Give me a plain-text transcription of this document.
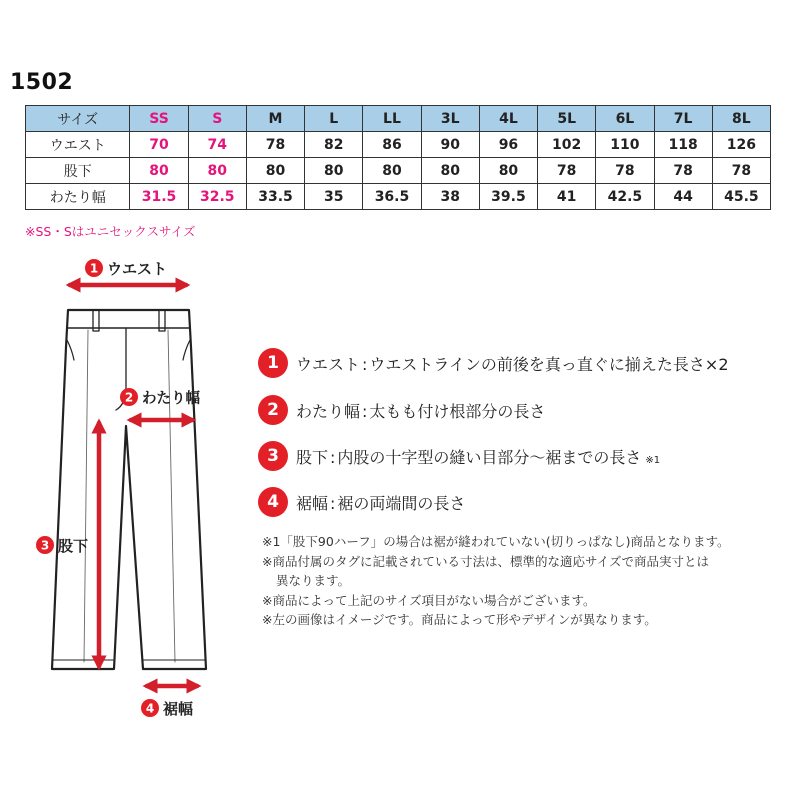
1502
サイズ	SS	S	M	L	LL	3L	4L	5L	6L	7L	8L
ウエスト	70	74	78	82	86	90	96	102	110	118	126
股下	80	80	80	80	80	80	80	78	78	78	78
わたり幅	31.5	32.5	33.5	35	36.5	38	39.5	41	42.5	44	45.5
※SS・Sはユニセックスサイズ
1 ウエスト
2 わたり幅
3 股下
4 裾幅
1	ウエスト : ウエストラインの前後を真っ直ぐに揃えた長さ×2
2	わたり幅 : 太もも付け根部分の長さ
3	股下 : 内股の十字型の縫い目部分～裾までの長さ ※1
4	裾幅 : 裾の両端間の長さ
※1「股下90ハーフ」の場合は裾が縫われていない(切りっぱなし)商品となります。
※商品付属のタグに記載されている寸法は、標準的な適応サイズで商品実寸とは
異なります。
※商品によって上記のサイズ項目がない場合がございます。
※左の画像はイメージです。商品によって形やデザインが異なります。
